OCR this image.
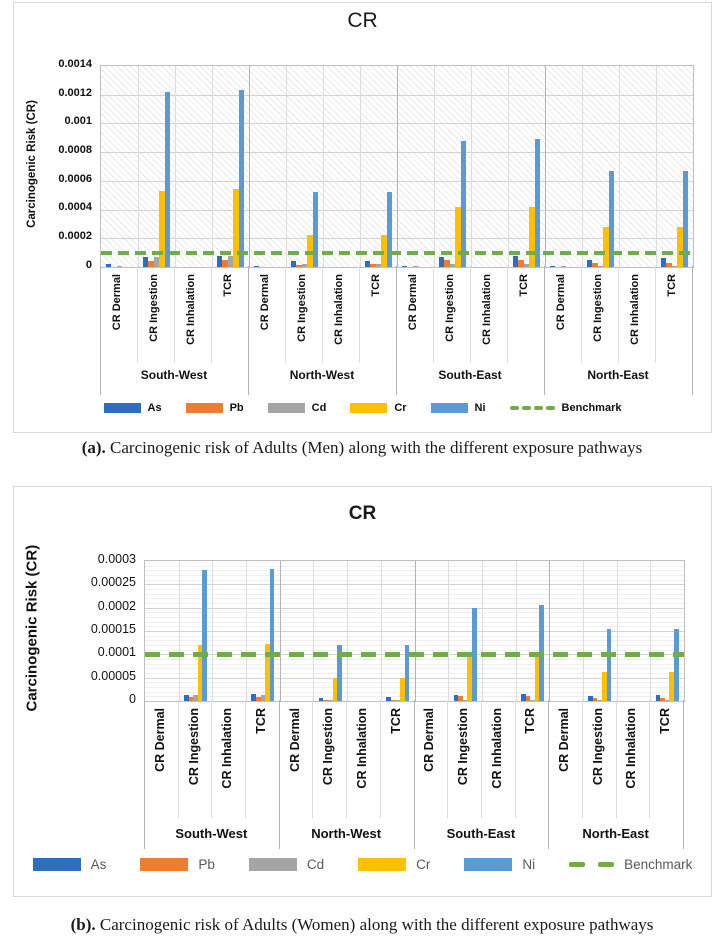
CR
Carcinogenic Risk (CR)
As	Pb	Cd	Cr	Ni	Benchmark
0.0014
0.0012
0.001
0.0008
0.0006
0.0004
0.0002
0
CR Dermal CR Ingestion CR Inhalation TCR CR Dermal CR Ingestion CR Inhalation TCR CR Dermal CR Ingestion CR Inhalation TCR CR Dermal CR Ingestion CR Inhalation TCR
South-West	North-West	South-East	North-East
(a). Carcinogenic risk of Adults (Men) along with the different exposure pathways
CR
Carcinogenic Risk (CR)
As	Pb	Cd	Cr	Ni	Benchmark
0.0003
0.00025
0.0002
0.00015
0.0001
0.00005
0
CR Dermal CR Ingestion CR Inhalation TCR CR Dermal CR Ingestion CR Inhalation TCR CR Dermal CR Ingestion CR Inhalation TCR CR Dermal CR Ingestion CR Inhalation TCR
South-West	North-West	South-East	North-East
(b). Carcinogenic risk of Adults (Women) along with the different exposure pathways
